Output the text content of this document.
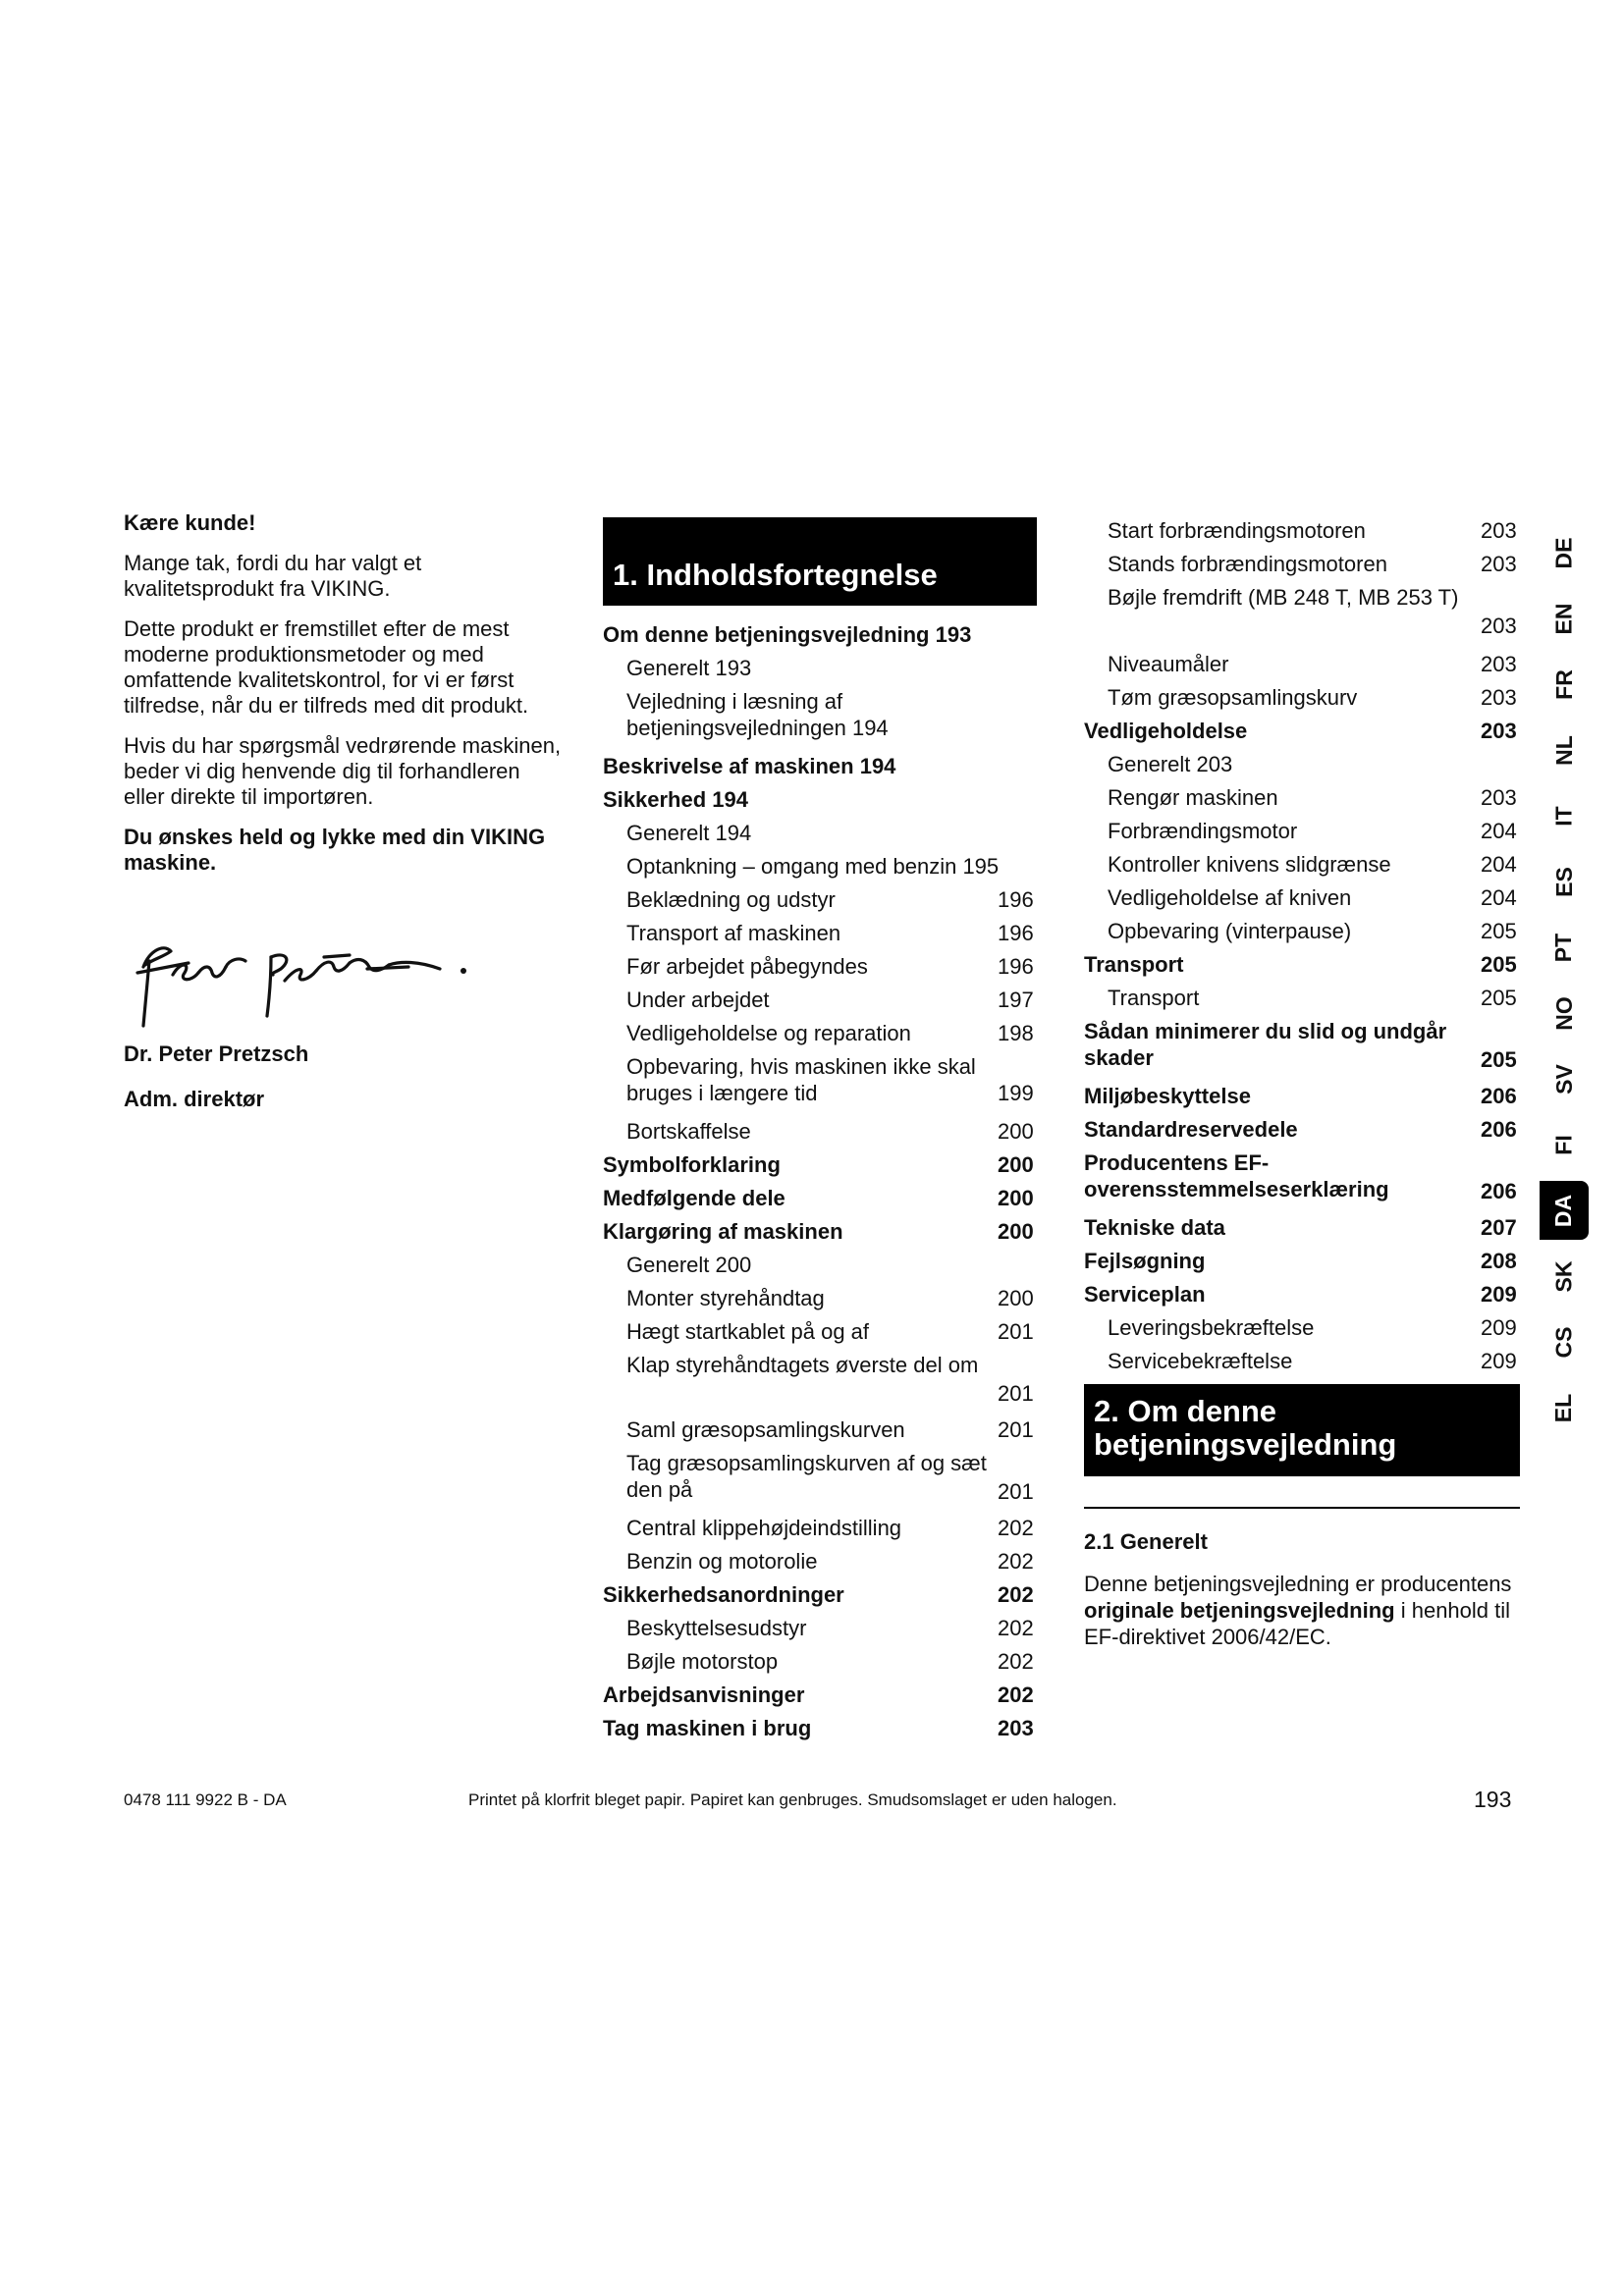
Kære kunde!

Mange tak, fordi du har valgt et kvalitetsprodukt fra VIKING.

Dette produkt er fremstillet efter de mest moderne produktionsmetoder og med omfattende kvalitetskontrol, for vi er først tilfredse, når du er tilfreds med dit produkt.

Hvis du har spørgsmål vedrørende maskinen, beder vi dig henvende dig til forhandleren eller direkte til importøren.

Du ønskes held og lykke med din VIKING maskine.

Dr. Peter Pretzsch
Adm. direktør
1. Indholdsfortegnelse
Om denne betjeningsvejledning 193
Generelt 193
Vejledning i læsning af betjeningsvejledningen 194
Beskrivelse af maskinen 194
Sikkerhed 194
Generelt 194
Optankning – omgang med benzin 195
Beklædning og udstyr	196
Transport af maskinen	196
Før arbejdet påbegyndes	196
Under arbejdet	197
Vedligeholdelse og reparation	198
Opbevaring, hvis maskinen ikke skal bruges i længere tid	199
Bortskaffelse	200
Symbolforklaring	200
Medfølgende dele	200
Klargøring af maskinen	200
Generelt 200
Monter styrehåndtag	200
Hægt startkablet på og af	201
Klap styrehåndtagets øverste del om
201
Saml græsopsamlingskurven	201
Tag græsopsamlingskurven af og sæt den på	201
Central klippehøjdeindstilling	202
Benzin og motorolie	202
Sikkerhedsanordninger	202
Beskyttelsesudstyr	202
Bøjle motorstop	202
Arbejdsanvisninger	202
Tag maskinen i brug	203
Start forbrændingsmotoren	203
Stands forbrændingsmotoren	203
Bøjle fremdrift (MB 248 T, MB 253 T)
203
Niveaumåler	203
Tøm græsopsamlingskurv	203
Vedligeholdelse	203
Generelt 203
Rengør maskinen	203
Forbrændingsmotor	204
Kontroller knivens slidgrænse	204
Vedligeholdelse af kniven	204
Opbevaring (vinterpause)	205
Transport	205
Transport	205
Sådan minimerer du slid og undgår skader	205
Miljøbeskyttelse	206
Standardreservedele	206
Producentens EF-overensstemmelseserklæring	206
Tekniske data	207
Fejlsøgning	208
Serviceplan	209
Leveringsbekræftelse	209
Servicebekræftelse	209
2. Om denne betjeningsvejledning
2.1 Generelt
Denne betjeningsvejledning er producentens originale betjeningsvejledning i henhold til EF-direktivet 2006/42/EC.
DE
EN
FR
NL
IT
ES
PT
NO
SV
FI
DA
SK
CS
EL
0478 111 9922 B - DA	Printet på klorfrit bleget papir. Papiret kan genbruges. Smudsomslaget er uden halogen.	193
